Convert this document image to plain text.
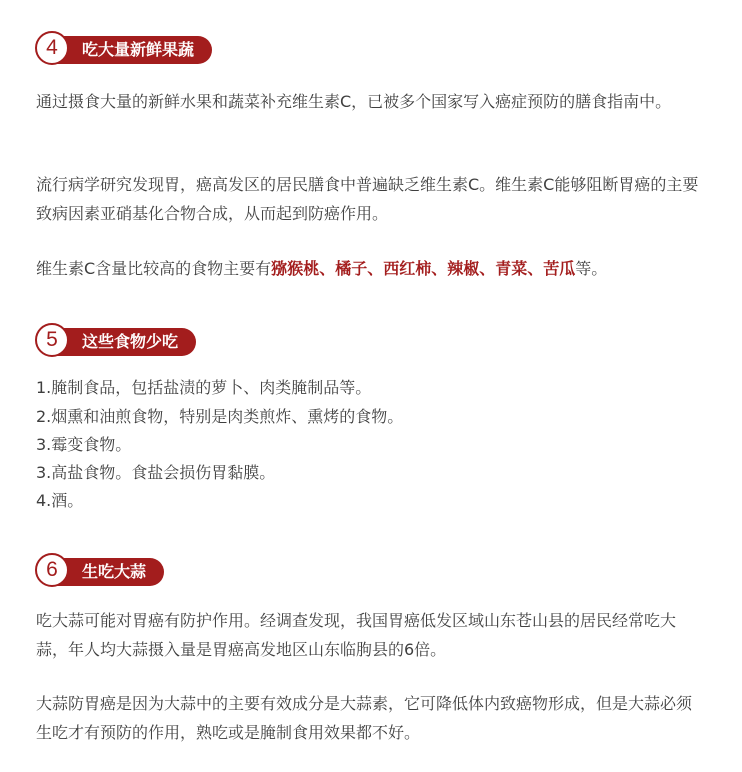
4	吃大量新鲜果蔬

通过摄食大量的新鲜水果和蔬菜补充维生素C，已被多个国家写入癌症预防的膳食指南中。

流行病学研究发现胃，癌高发区的居民膳食中普遍缺乏维生素C。维生素C能够阻断胃癌的主要致病因素亚硝基化合物合成，从而起到防癌作用。

维生素C含量比较高的食物主要有猕猴桃、橘子、西红柿、辣椒、青菜、苦瓜等。

5	这些食物少吃

1.腌制食品，包括盐渍的萝卜、肉类腌制品等。

2.烟熏和油煎食物，特别是肉类煎炸、熏烤的食物。

3.霉变食物。

3.高盐食物。食盐会损伤胃黏膜。

4.酒。

6	生吃大蒜

吃大蒜可能对胃癌有防护作用。经调查发现，我国胃癌低发区域山东苍山县的居民经常吃大蒜，年人均大蒜摄入量是胃癌高发地区山东临朐县的6倍。

大蒜防胃癌是因为大蒜中的主要有效成分是大蒜素，它可降低体内致癌物形成，但是大蒜必须生吃才有预防的作用，熟吃或是腌制食用效果都不好。
